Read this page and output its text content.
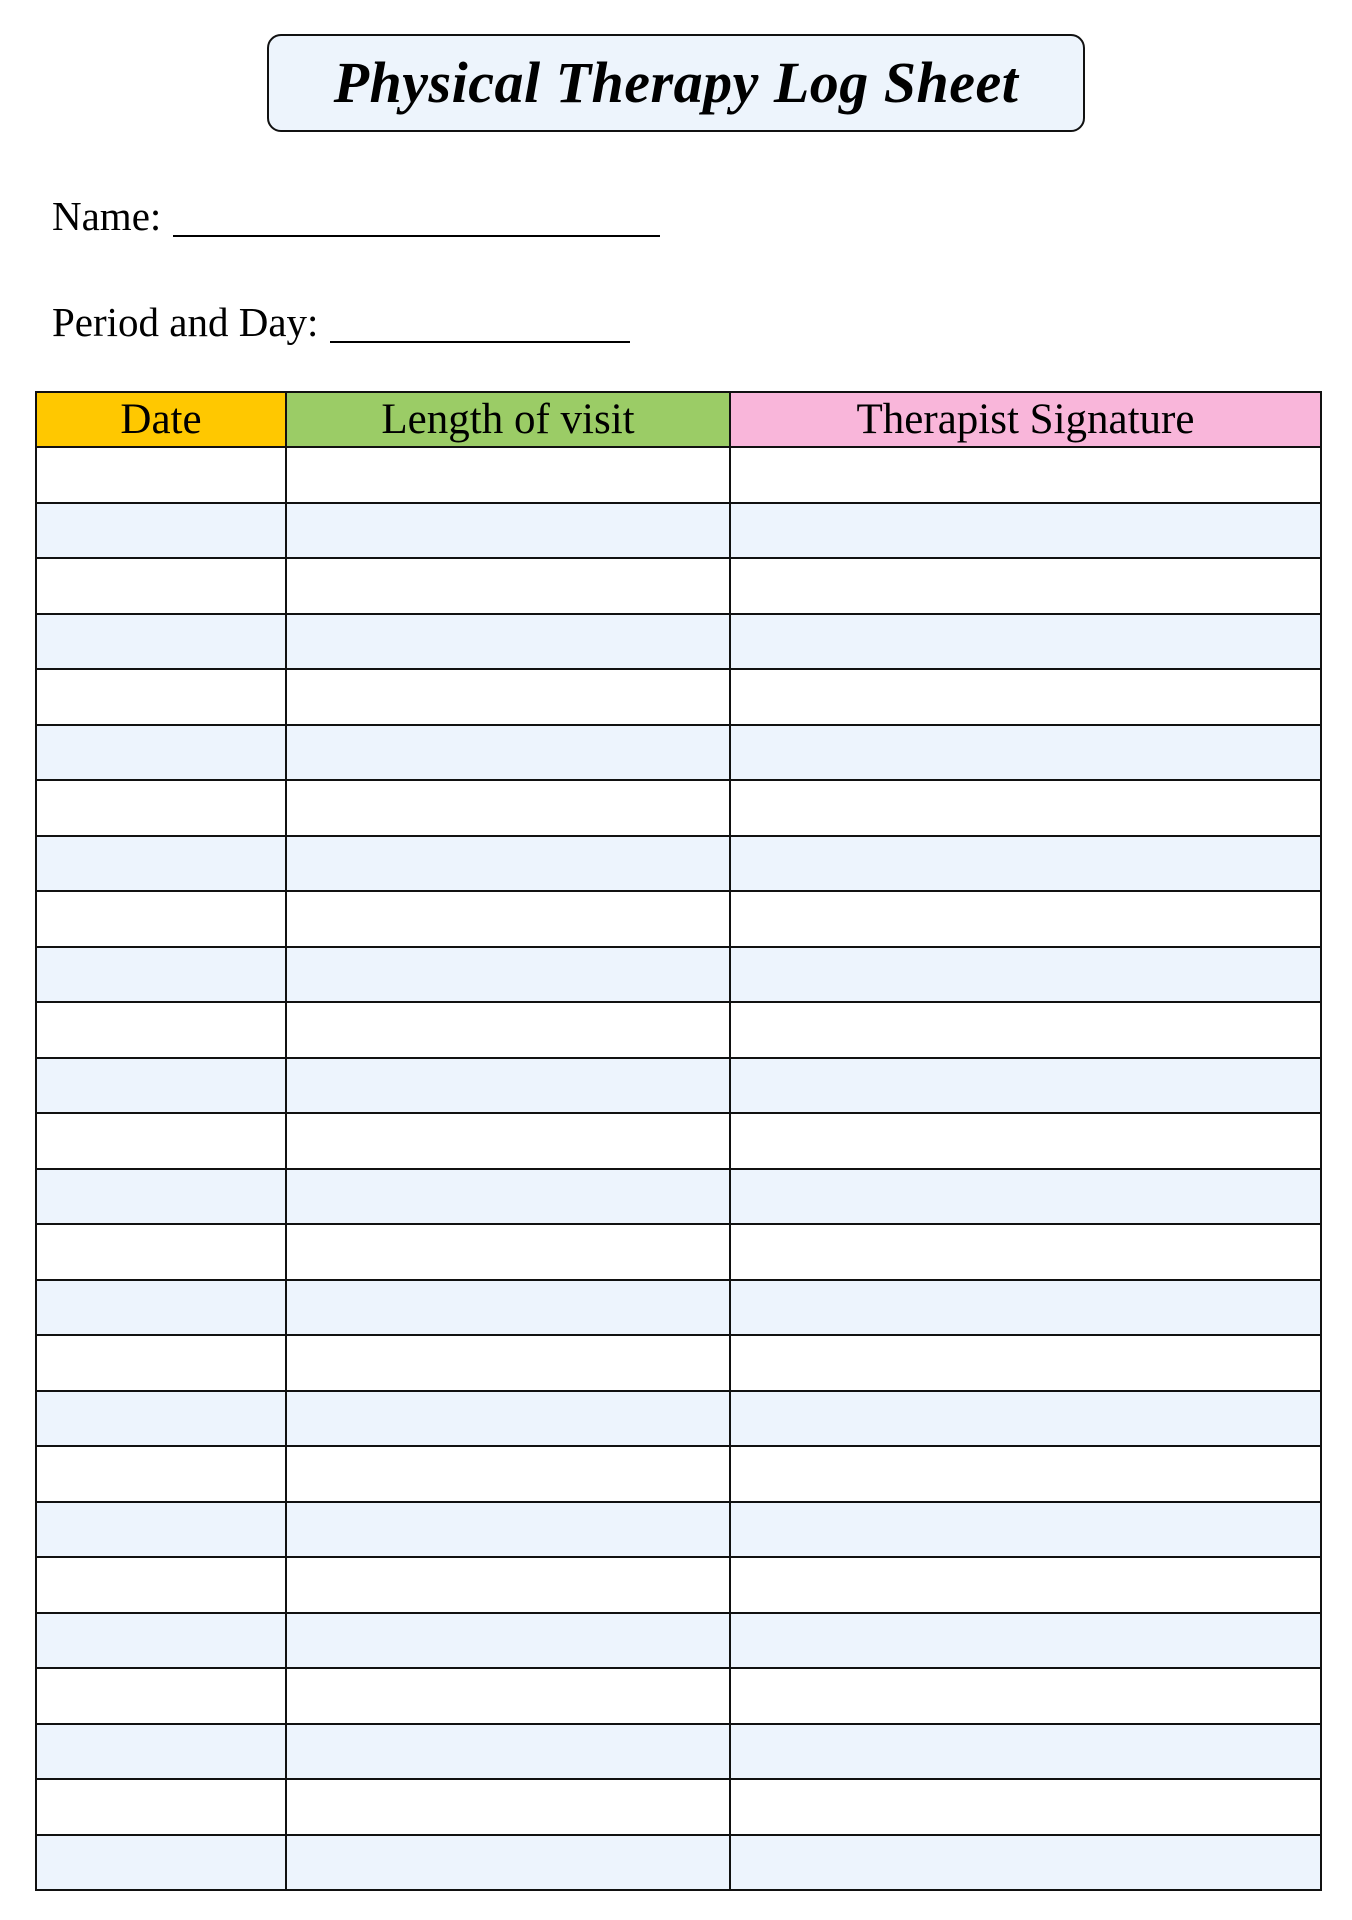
Physical Therapy Log Sheet
Name:
Period and Day:
Date	Length of visit	Therapist Signature
